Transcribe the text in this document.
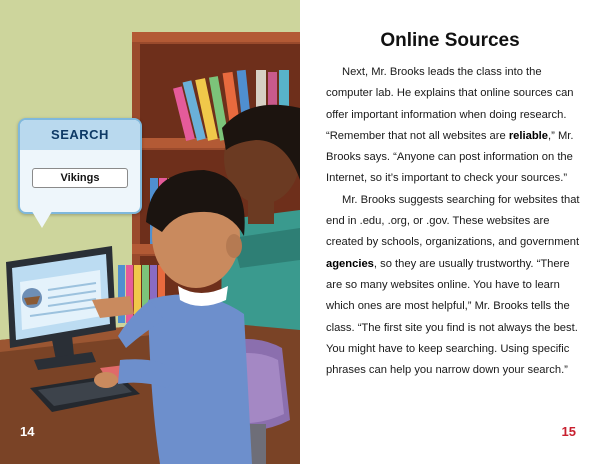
SEARCH
Vikings
14
Online Sources

Next, Mr. Brooks leads the class into the computer lab. He explains that online sources can offer important information when doing research. “Remember that not all websites are reliable,” Mr. Brooks says. “Anyone can post information on the Internet, so it’s important to check your sources.”

Mr. Brooks suggests searching for websites that end in .edu, .org, or .gov. These websites are created by schools, organizations, and government agencies, so they are usually trustworthy. “There are so many websites online. You have to learn which ones are most helpful,” Mr. Brooks tells the class. “The first site you find is not always the best. You might have to keep searching. Using specific phrases can help you narrow down your search.”

15
